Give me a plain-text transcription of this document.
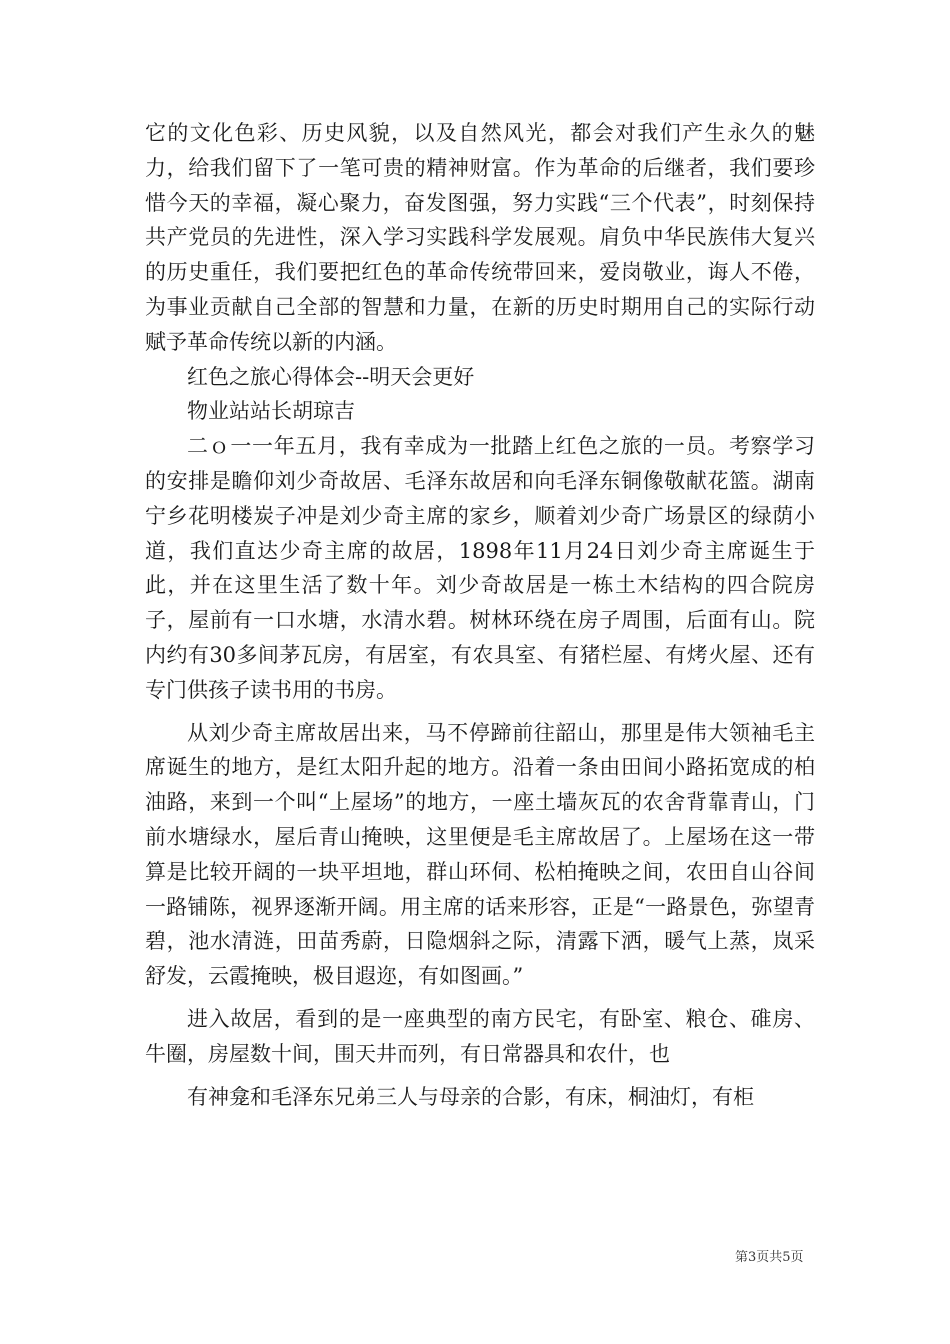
它的文化色彩、历史风貌，以及自然风光，都会对我们产生永久的魅力，给我们留下了一笔可贵的精神财富。作为革命的后继者，我们要珍惜今天的幸福，凝心聚力，奋发图强，努力实践“三个代表”，时刻保持共产党员的先进性，深入学习实践科学发展观。肩负中华民族伟大复兴的历史重任，我们要把红色的革命传统带回来，爱岗敬业，诲人不倦，为事业贡献自己全部的智慧和力量，在新的历史时期用自己的实际行动赋予革命传统以新的内涵。

红色之旅心得体会--明天会更好

物业站站长胡琼吉

二ｏ一一年五月，我有幸成为一批踏上红色之旅的一员。考察学习的安排是瞻仰刘少奇故居、毛泽东故居和向毛泽东铜像敬献花篮。湖南宁乡花明楼炭子冲是刘少奇主席的家乡，顺着刘少奇广场景区的绿荫小道，我们直达少奇主席的故居，1898年11月24日刘少奇主席诞生于此，并在这里生活了数十年。刘少奇故居是一栋土木结构的四合院房子，屋前有一口水塘，水清水碧。树林环绕在房子周围，后面有山。院内约有30多间茅瓦房，有居室，有农具室、有猪栏屋、有烤火屋、还有专门供孩子读书用的书房。

从刘少奇主席故居出来，马不停蹄前往韶山，那里是伟大领袖毛主席诞生的地方，是红太阳升起的地方。沿着一条由田间小路拓宽成的柏油路，来到一个叫“上屋场”的地方，一座土墙灰瓦的农舍背靠青山，门前水塘绿水，屋后青山掩映，这里便是毛主席故居了。上屋场在这一带算是比较开阔的一块平坦地，群山环伺、松柏掩映之间，农田自山谷间一路铺陈，视界逐渐开阔。用主席的话来形容，正是“一路景色，弥望青碧，池水清涟，田苗秀蔚，日隐烟斜之际，清露下洒，暖气上蒸，岚采舒发，云霞掩映，极目遐迩，有如图画。”

进入故居，看到的是一座典型的南方民宅，有卧室、粮仓、碓房、牛圈，房屋数十间，围天井而列，有日常器具和农什，也

有神龛和毛泽东兄弟三人与母亲的合影，有床，桐油灯，有柜

第3页共5页
